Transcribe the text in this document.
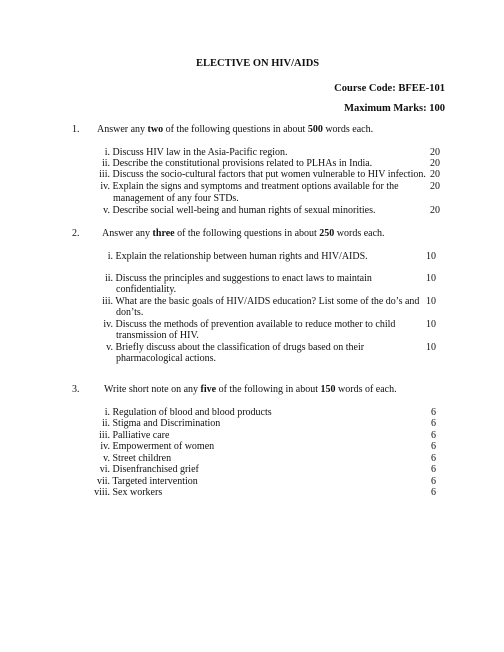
ELECTIVE ON HIV/AIDS
Course Code: BFEE-101
Maximum Marks: 100
1. Answer any two of the following questions in about 500 words each.
i. Discuss HIV law in the Asia-Pacific region.	20
ii. Describe the constitutional provisions related to PLHAs in India.	20
iii. Discuss the socio-cultural factors that put women vulnerable to HIV infection. 20
iv. Explain the signs and symptoms and treatment options available for the
management of any four STDs.
20
v. Describe social well-being and human rights of sexual minorities.	20
2. Answer any three of the following questions in about 250 words each.
i. Explain the relationship between human rights and HIV/AIDS.	10
ii. Discuss the principles and suggestions to enact laws to maintain
confidentiality.
10
iii. What are the basic goals of HIV/AIDS education? List some of the do’s and
don’ts.
10
iv. Discuss the methods of prevention available to reduce mother to child
transmission of HIV.
10
v. Briefly discuss about the classification of drugs based on their
pharmacological actions.
10
3. Write short note on any five of the following in about 150 words of each.
i. Regulation of blood and blood products	6
ii. Stigma and Discrimination	6
iii. Palliative care	6
iv. Empowerment of women	6
v. Street children	6
vi. Disenfranchised grief	6
vii. Targeted intervention	6
viii. Sex workers	6
